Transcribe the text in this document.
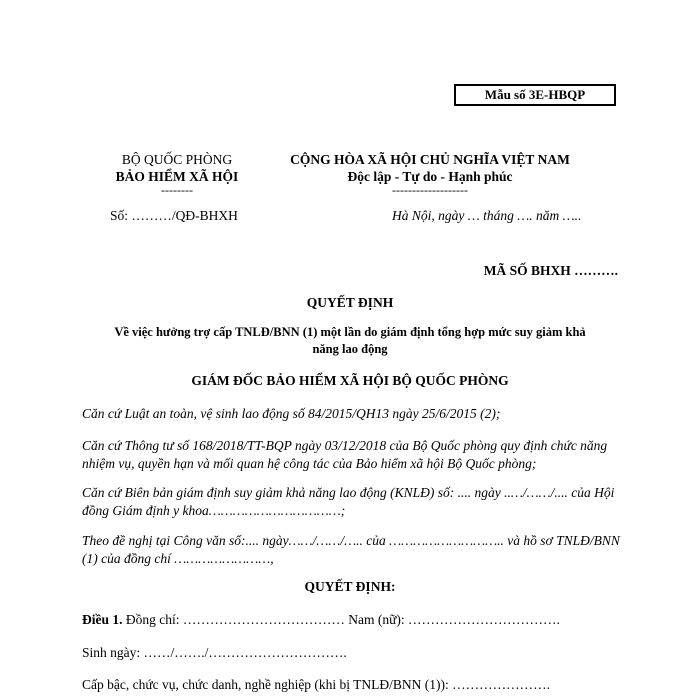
Mẫu số 3E-HBQP
BỘ QUỐC PHÒNG
BẢO HIỂM XÃ HỘI
--------
Số: ………/QĐ-BHXH
CỘNG HÒA XÃ HỘI CHỦ NGHĨA VIỆT NAM
Độc lập - Tự do - Hạnh phúc
-------------------
Hà Nội, ngày … tháng …. năm …..
MÃ SỐ BHXH ……….
QUYẾT ĐỊNH
Về việc hưởng trợ cấp TNLĐ/BNN (1) một lần do giám định tổng hợp mức suy giảm khả
năng lao động
GIÁM ĐỐC BẢO HIỂM XÃ HỘI BỘ QUỐC PHÒNG
Căn cứ Luật an toàn, vệ sinh lao động số 84/2015/QH13 ngày 25/6/2015 (2);
Căn cứ Thông tư số 168/2018/TT-BQP ngày 03/12/2018 của Bộ Quốc phòng quy định chức năng nhiệm vụ, quyền hạn và mối quan hệ công tác của Bảo hiểm xã hội Bộ Quốc phòng;
Căn cứ Biên bản giám định suy giảm khả năng lao động (KNLĐ) số: .... ngày ..…/……/.... của Hội đồng Giám định y khoa……………………………;
Theo đề nghị tại Công văn số:.... ngày……/……/….. của ……………………….. và hồ sơ TNLĐ/BNN (1) của đồng chí ……………………,
QUYẾT ĐỊNH:
Điều 1. Đồng chí: ……………………………… Nam (nữ): …………………………….
Sinh ngày: ……/……./………………………….
Cấp bậc, chức vụ, chức danh, nghề nghiệp (khi bị TNLĐ/BNN (1)): ………………….
